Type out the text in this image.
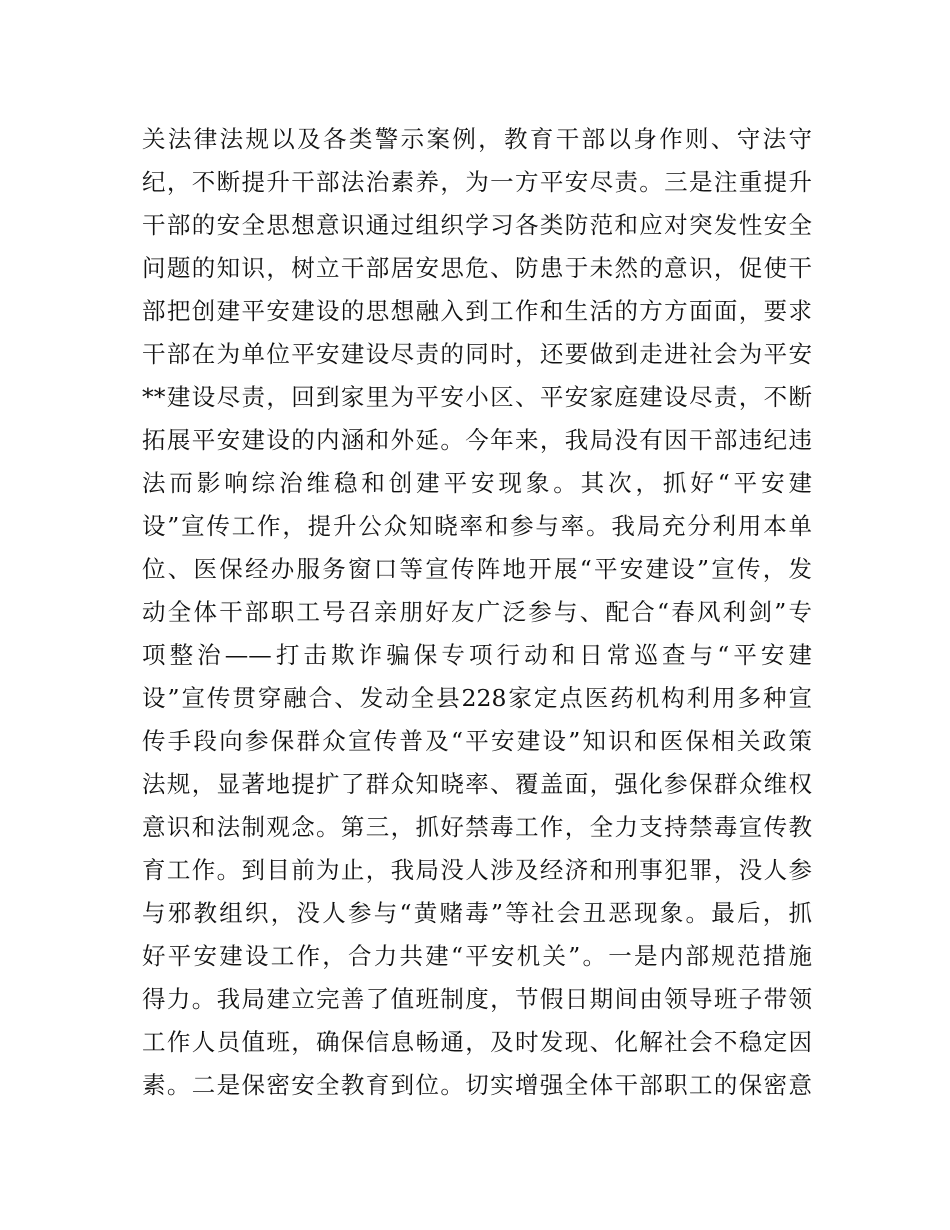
关法律法规以及各类警示案例，教育干部以身作则、守法守
纪，不断提升干部法治素养，为一方平安尽责。三是注重提升
干部的安全思想意识通过组织学习各类防范和应对突发性安全
问题的知识，树立干部居安思危、防患于未然的意识，促使干
部把创建平安建设的思想融入到工作和生活的方方面面，要求
干部在为单位平安建设尽责的同时，还要做到走进社会为平安
**建设尽责，回到家里为平安小区、平安家庭建设尽责，不断
拓展平安建设的内涵和外延。今年来，我局没有因干部违纪违
法而影响综治维稳和创建平安现象。其次，抓好“平安建
设”宣传工作，提升公众知晓率和参与率。我局充分利用本单
位、医保经办服务窗口等宣传阵地开展“平安建设”宣传，发
动全体干部职工号召亲朋好友广泛参与、配合“春风利剑”专
项整治——打击欺诈骗保专项行动和日常巡查与“平安建
设”宣传贯穿融合、发动全县228家定点医药机构利用多种宣
传手段向参保群众宣传普及“平安建设”知识和医保相关政策
法规，显著地提扩了群众知晓率、覆盖面，强化参保群众维权
意识和法制观念。第三，抓好禁毒工作，全力支持禁毒宣传教
育工作。到目前为止，我局没人涉及经济和刑事犯罪，没人参
与邪教组织，没人参与“黄赌毒”等社会丑恶现象。最后，抓
好平安建设工作，合力共建“平安机关”。一是内部规范措施
得力。我局建立完善了值班制度，节假日期间由领导班子带领
工作人员值班，确保信息畅通，及时发现、化解社会不稳定因
素。二是保密安全教育到位。切实增强全体干部职工的保密意
